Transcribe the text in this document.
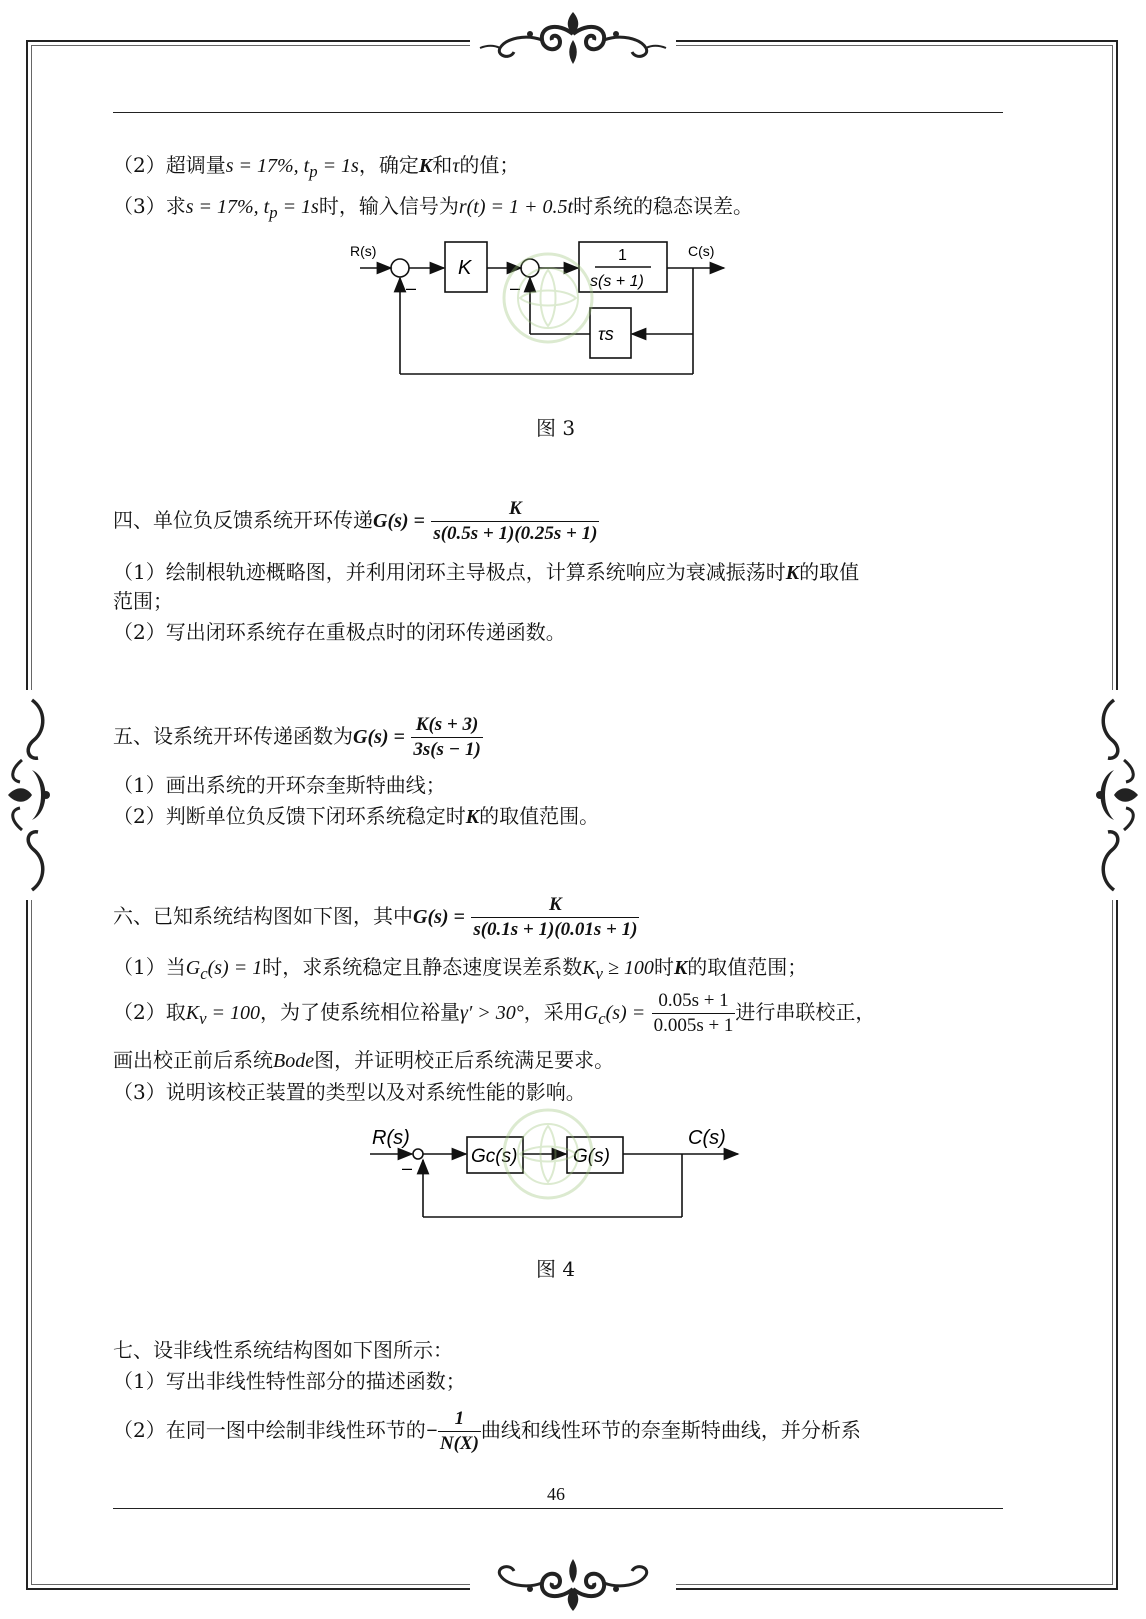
（2）超调量s = 17%, $t_p = 1s$，确定K和τ的值；
（3）求s = 17%, $t_p = 1s$时，输入信号为r(t) = 1 + 0.5t时系统的稳态误差。
R(s)	C(s)
K
1
s(s + 1)
τs
–	–
图 3
四、单位负反馈系统开环传递$G(s) = \frac{K}{s(0.5s + 1)(0.25s + 1)}$
（1）绘制根轨迹概略图，并利用闭环主导极点，计算系统响应为衰减振荡时K的取值
范围；
（2）写出闭环系统存在重极点时的闭环传递函数。
五、设系统开环传递函数为$G(s) = \frac{K(s + 3)}{3s(s - 1)}$
（1）画出系统的开环奈奎斯特曲线；
（2）判断单位负反馈下闭环系统稳定时K的取值范围。
六、已知系统结构图如下图，其中$G(s) = \frac{K}{s(0.1s + 1)(0.01s + 1)}$
（1）当$G_c(s) = 1$时，求系统稳定且静态速度误差系数$K_v \ge 100$时K的取值范围；
（2）取$K_v = 100$，为了使系统相位裕量γ′ > 30°，采用$G_c(s) = \frac{0.05s + 1}{0.005s + 1}$ 进行串联校正，
画出校正前后系统Bode图，并证明校正后系统满足要求。
（3）说明该校正装置的类型以及对系统性能的影响。
R(s)	C(s)
Gc(s)	G(s)
–
图 4
七、设非线性系统结构图如下图所示：
（1）写出非线性特性部分的描述函数；
（2）在同一图中绘制非线性环节的− $\frac{1}{N(X)}$ 曲线和线性环节的奈奎斯特曲线，并分析系
46
